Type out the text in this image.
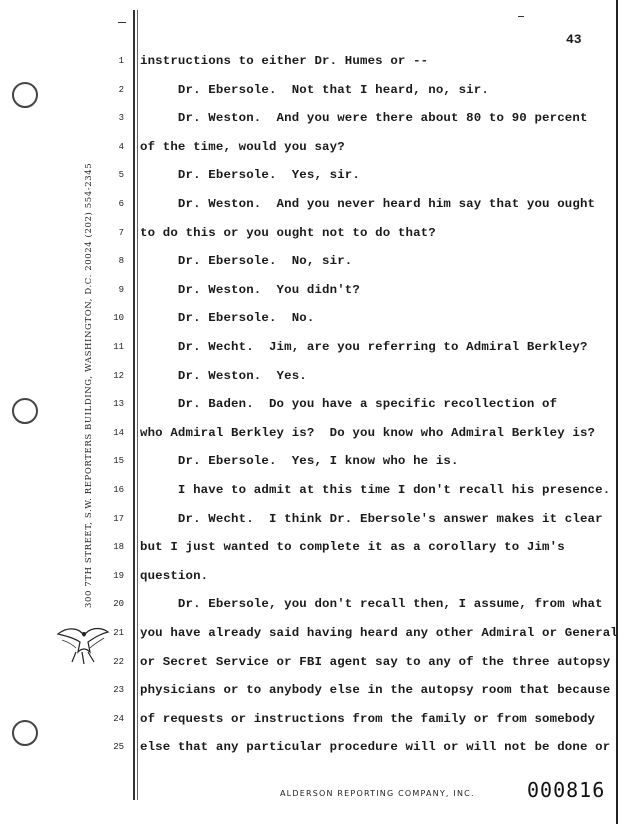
300 7TH STREET, S.W. REPORTERS BUILDING, WASHINGTON, D.C. 20024 (202) 554-2345
43
1 instructions to either Dr. Humes or --
2 Dr. Ebersole.  Not that I heard, no, sir.
3 Dr. Weston.  And you were there about 80 to 90 percent
4 of the time, would you say?
5 Dr. Ebersole.  Yes, sir.
6 Dr. Weston.  And you never heard him say that you ought
7 to do this or you ought not to do that?
8 Dr. Ebersole.  No, sir.
9 Dr. Weston.  You didn't?
10 Dr. Ebersole.  No.
11 Dr. Wecht.  Jim, are you referring to Admiral Berkley?
12 Dr. Weston.  Yes.
13 Dr. Baden.  Do you have a specific recollection of
14 who Admiral Berkley is?  Do you know who Admiral Berkley is?
15 Dr. Ebersole.  Yes, I know who he is.
16 I have to admit at this time I don't recall his presence.
17 Dr. Wecht.  I think Dr. Ebersole's answer makes it clear
18 but I just wanted to complete it as a corollary to Jim's
19 question.
20 Dr. Ebersole, you don't recall then, I assume, from what
21 you have already said having heard any other Admiral or General
22 or Secret Service or FBI agent say to any of the three autopsy
23 physicians or to anybody else in the autopsy room that because
24 of requests or instructions from the family or from somebody
25 else that any particular procedure will or will not be done or
ALDERSON REPORTING COMPANY, INC.	000816
